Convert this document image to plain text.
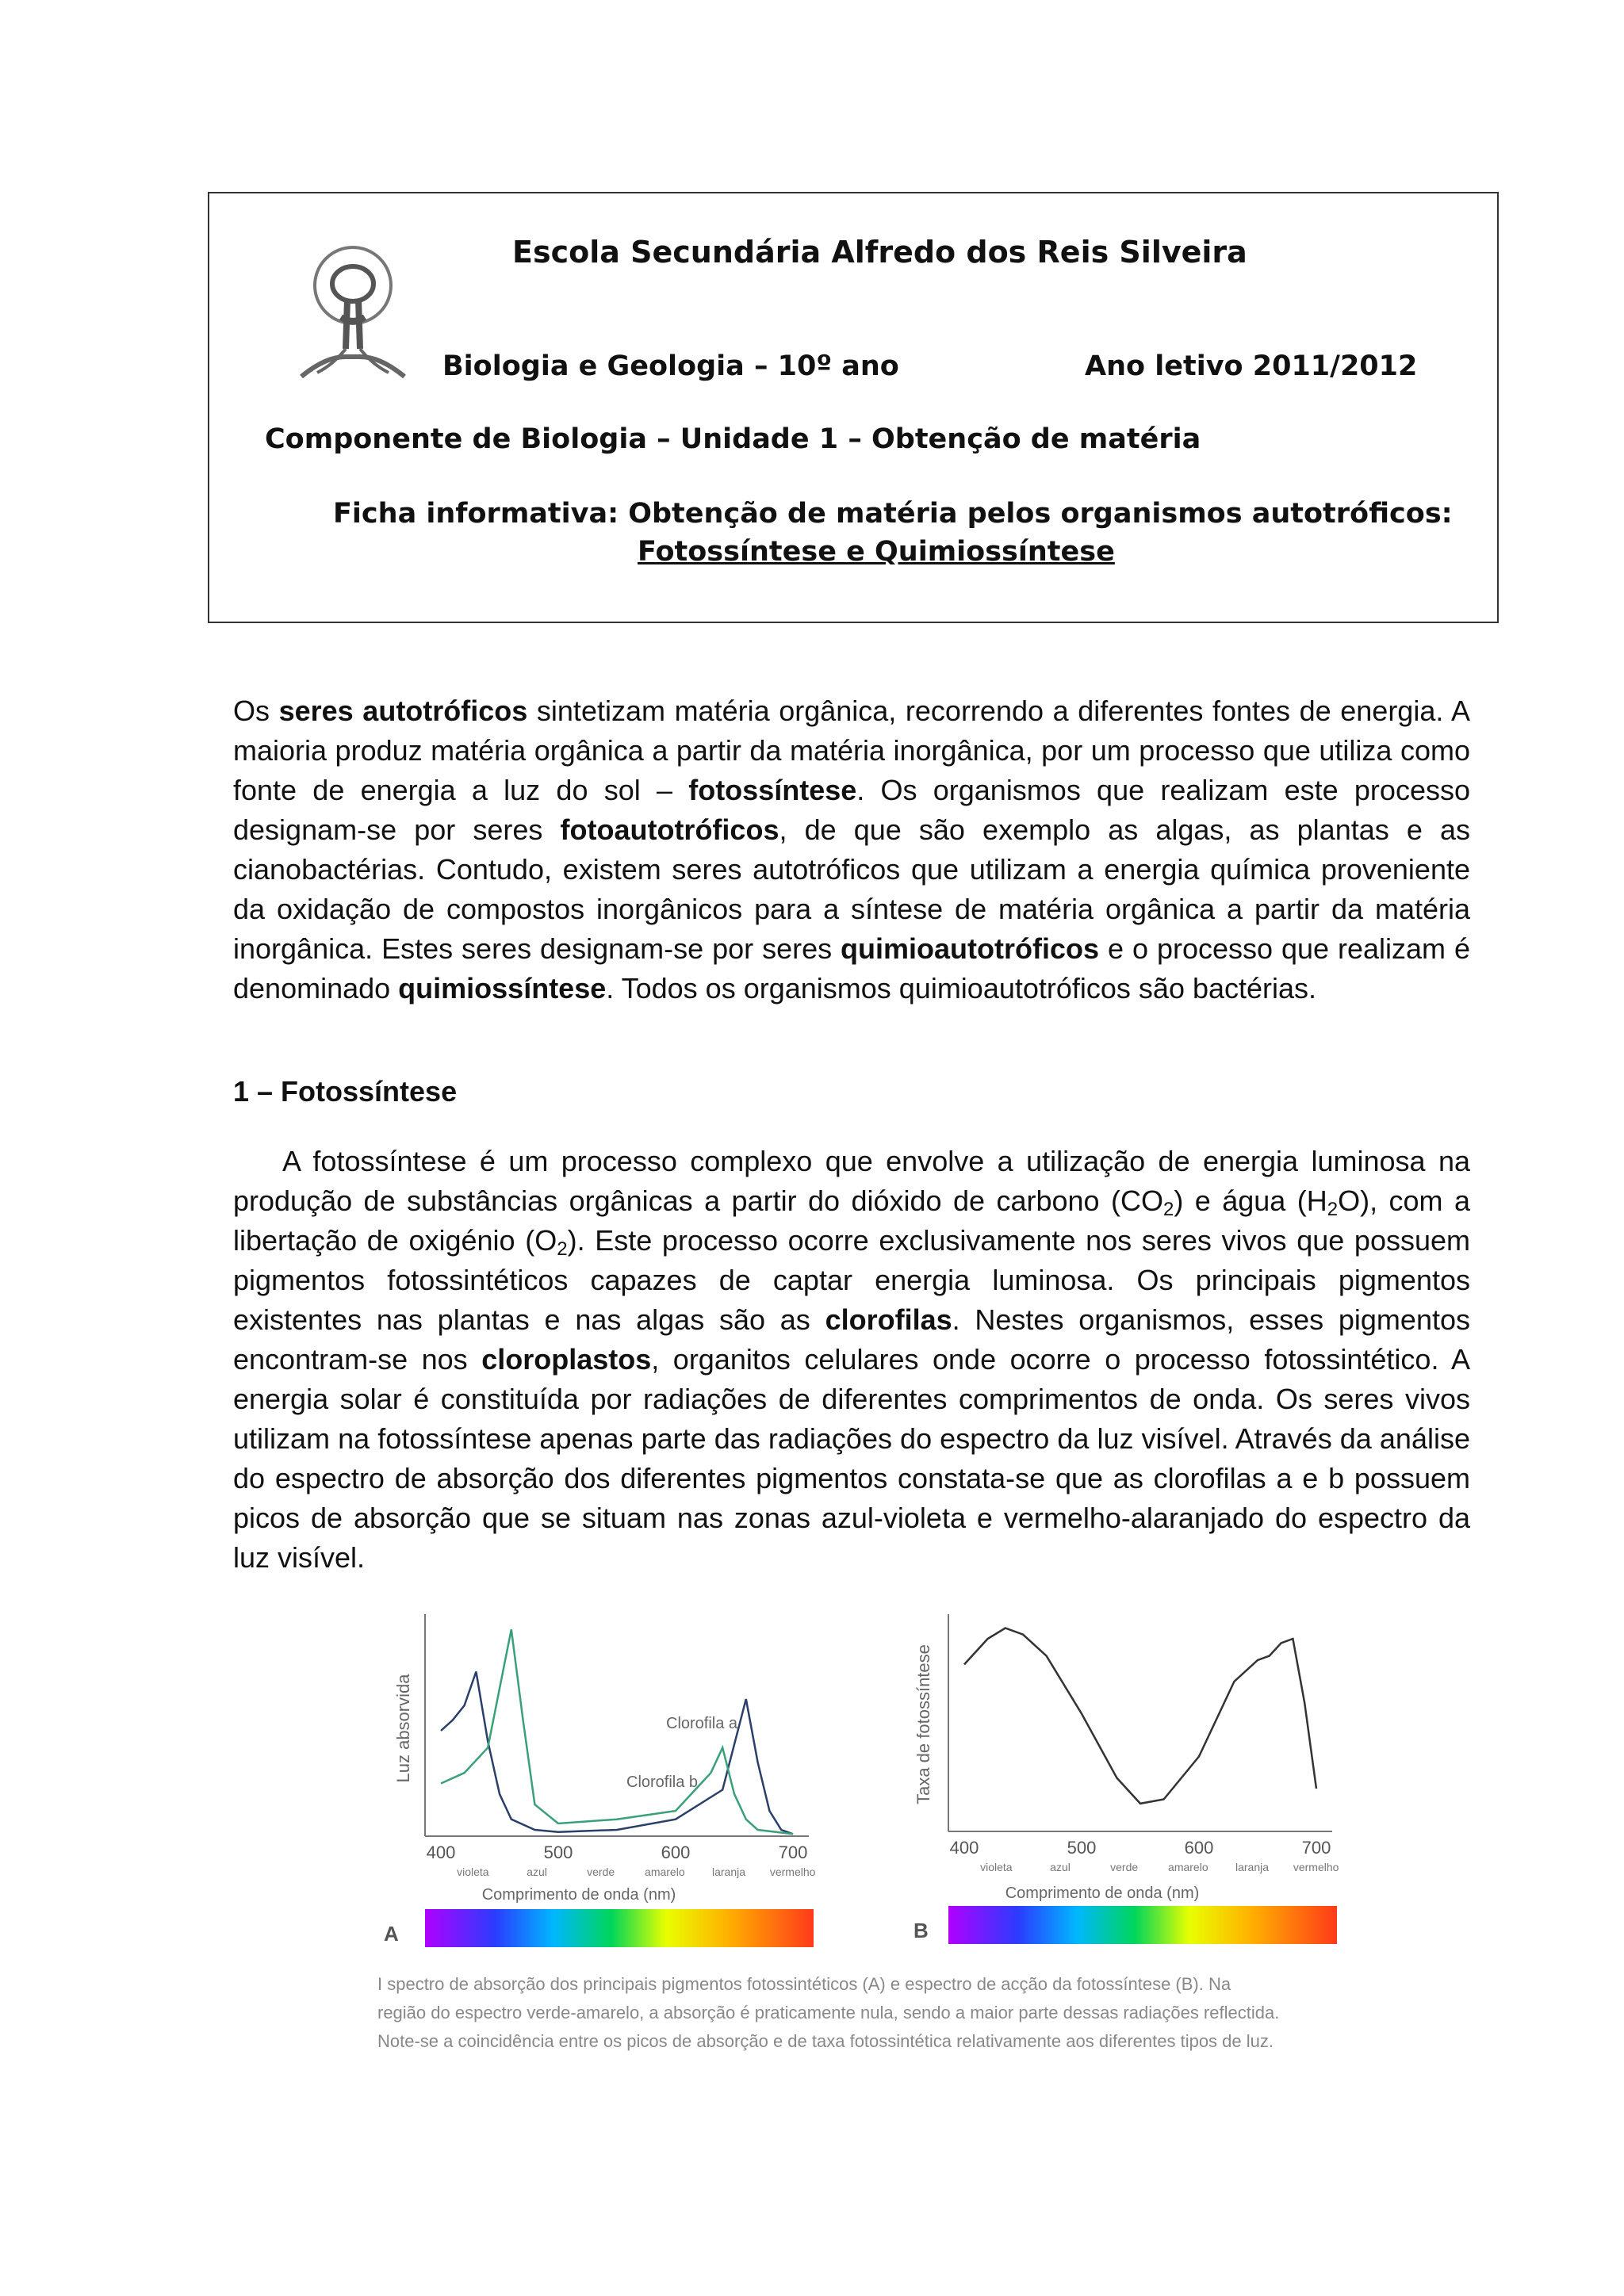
Escola Secundária Alfredo dos Reis Silveira
Biologia e Geologia – 10º ano	Ano letivo 2011/2012
Componente de Biologia – Unidade 1 – Obtenção de matéria
Ficha informativa: Obtenção de matéria pelos organismos autotróficos:
Fotossíntese e Quimiossíntese
Os seres autotróficos sintetizam matéria orgânica, recorrendo a diferentes fontes de energia. A maioria produz matéria orgânica a partir da matéria inorgânica, por um processo que utiliza como fonte de energia a luz do sol – fotossíntese. Os organismos que realizam este processo designam-se por seres fotoautotróficos, de que são exemplo as algas, as plantas e as cianobactérias. Contudo, existem seres autotróficos que utilizam a energia química proveniente da oxidação de compostos inorgânicos para a síntese de matéria orgânica a partir da matéria inorgânica. Estes seres designam-se por seres quimioautotróficos e o processo que realizam é denominado quimiossíntese. Todos os organismos quimioautotróficos são bactérias.
1 – Fotossíntese
A fotossíntese é um processo complexo que envolve a utilização de energia luminosa na produção de substâncias orgânicas a partir do dióxido de carbono $(CO_2)$ e água $(H_2O)$, com a libertação de oxigénio $(O_2)$. Este processo ocorre exclusivamente nos seres vivos que possuem pigmentos fotossintéticos capazes de captar energia luminosa. Os principais pigmentos existentes nas plantas e nas algas são as clorofilas. Nestes organismos, esses pigmentos encontram-se nos cloroplastos, organitos celulares onde ocorre o processo fotossintético. A energia solar é constituída por radiações de diferentes comprimentos de onda. Os seres vivos utilizam na fotossíntese apenas parte das radiações do espectro da luz visível. Através da análise do espectro de absorção dos diferentes pigmentos constata-se que as clorofilas a e b possuem picos de absorção que se situam nas zonas azul-violeta e vermelho-alaranjado do espectro da luz visível.
Luz absorvida
400	500	600	700
violeta	azul	verde	amarelo laranja vermelho
Comprimento de onda (nm)
Clorofila a
Clorofila b
A
Taxa de fotossíntese
400	500	600	700
violeta	azul	verde	amarelo laranja vermelho
Comprimento de onda (nm)
B
I spectro de absorção dos principais pigmentos fotossintéticos (A) e espectro de acção da fotossíntese (B). Na
região do espectro verde-amarelo, a absorção é praticamente nula, sendo a maior parte dessas radiações reflectida.
Note-se a coincidência entre os picos de absorção e de taxa fotossintética relativamente aos diferentes tipos de luz.
